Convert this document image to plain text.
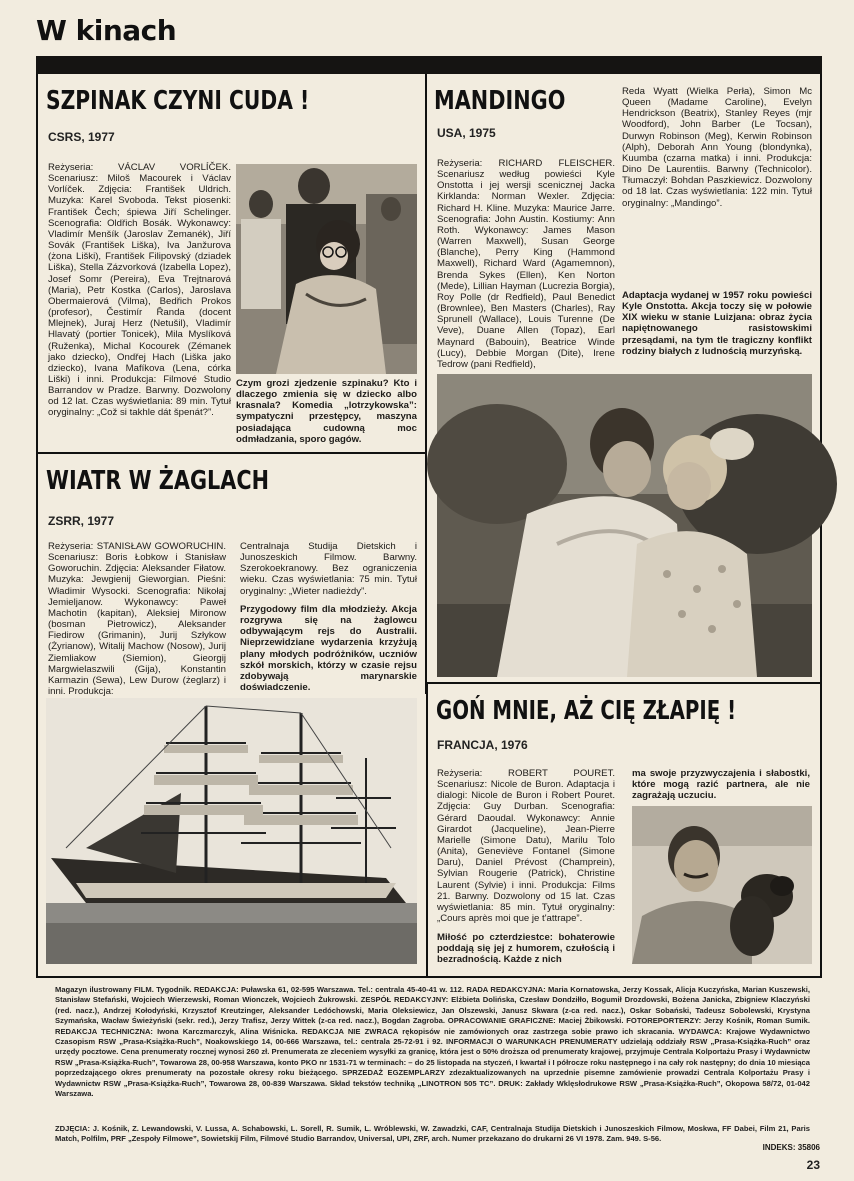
W kinach
SZPINAK CZYNI CUDA !
CSRS, 1977
Reżyseria: VÁCLAV VORLÍČEK. Scenariusz: Miloš Macourek i Václav Vorlíček. Zdjęcia: František Uldrich. Muzyka: Karel Svoboda. Tekst piosenki: František Čech; śpiewa Jiří Schelinger. Scenografia: Oldřich Bosák. Wykonawcy: Vladimír Menšík (Jaroslav Zemanék), Jiří Sovák (František Liška), Iva Janžurova (żona Liški), František Filipovský (dziadek Liška), Stella Zázvorková (Izabella Lopez), Josef Somr (Pereira), Eva Trejtnarová (Maria), Petr Kostka (Carlos), Jaroslava Obermaierová (Vilma), Bedřich Prokos (profesor), Čestimír Řanda (docent Mlejnek), Juraj Herz (Netušil), Vladimír Hlavatý (portier Tonicek), Milа Myslíková (Ruženka), Michal Kocourek (Zémanek jako dziecko), Ondřej Hach (Liška jako dziecko), Ivana Mafíkova (Lena, córka Liški) i inni. Produkcja: Filmové Studio Barrandov w Pradze. Barwny. Dozwolony od 12 lat. Czas wyświetlania: 89 min. Tytuł oryginalny: „Což si takhle dát špenát?”.
Czym grozi zjedzenie szpinaku? Kto i dlaczego zmienia się w dziecko albo krasnala? Komedia „lotrzykowska”: sympatyczni przestępcy, maszyna posiadająca cudowną moc odmładzania, sporo gagów.
WIATR W ŻAGLACH
ZSRR, 1977
Reżyseria: STANISŁAW GOWORUCHIN. Scenariusz: Boris Łobkow i Stanisław Goworuchin. Zdjęcia: Aleksander Fiłatow. Muzyka: Jewgienij Giewоrgian. Pieśni: Władimir Wysocki. Scenografia: Nikołaj Jemieljanow. Wykonawcy: Paweł Machotin (kapitan), Aleksiej Mironow (bosman Pietrowicz), Aleksander Fiedirow (Grimanin), Jurij Szłykow (Żyrianow), Witalij Machow (Nosow), Jurij Ziemliakow (Siemion), Gieorgij Margwielaszwili (Gija), Konstantin Karmazin (Sewa), Lew Durow (żeglarz) i inni. Produkcja:
Centralnaja Studija Dietskich i Junoszeskich Filmow. Barwny. Szerokoekranowy. Bez ograniczenia wieku. Czas wyświetlania: 75 min. Tytuł oryginalny: „Wieter nadieżdy”.
Przygodowy film dla młodzieży. Akcja rozgrywa się na żaglowcu odbywającym rejs do Australii. Nieprzewidziane wydarzenia krzyżują plany młodych podróżników, uczniów szkół morskich, którzy w czasie rejsu zdobywają marynarskie doświadczenie.
MANDINGO
USA, 1975
Reżyseria: RICHARD FLEISCHER. Scenariusz według powieści Kyle Onstotta i jej wersji scenicznej Jacka Kirklanda: Norman Wexler. Zdjęcia: Richard H. Kline. Muzyka: Maurice Jarre. Scenografia: John Austin. Kostiumy: Ann Roth. Wykonawcy: James Mason (Warren Maxwell), Susan George (Blanche), Perry King (Hammond Maxwell), Richard Ward (Agamemnon), Brenda Sykes (Ellen), Ken Norton (Mede), Lillian Hayman (Lucrezia Borgia), Roy Polle (dr Redfield), Paul Benedict (Brownlee), Ben Masters (Charles), Ray Sprunell (Wallace), Louis Turenne (De Veve), Duane Allen (Topaz), Earl Maynard (Babouin), Beatrice Winde (Lucy), Debbie Morgan (Dite), Irene Tedrow (pani Redfield),
Reda Wyatt (Wielka Perła), Simon Mc Queen (Madame Caroline), Evelyn Hendrickson (Beatrix), Stanley Reyes (mjr Woodford), John Barber (Le Tocsan), Durwyn Robinson (Meg), Kerwin Robinson (Alph), Deborah Ann Young (blondynka), Kuumba (czarna matka) i inni. Produkcja: Dino De Laurentiis. Barwny (Technicolor). Tłumaczył: Bohdan Paszkiewicz. Dozwolony od 18 lat. Czas wyświetlania: 122 min. Tytuł oryginalny: „Mandingo”.
Adaptacja wydanej w 1957 roku powieści Kyle Onstotta. Akcja toczy się w połowie XIX wieku w stanie Luizjana: obraz życia napiętnowanego rasistowskimi przesądami, na tym tle tragiczny konflikt rodziny białych z ludnością murzyńską.
GOŃ MNIE, AŻ CIĘ ZŁAPIĘ !
FRANCJA, 1976
Reżyseria: ROBERT POURET. Scenariusz: Nicole de Buron. Adaptacja i dialogi: Nicole de Buron i Robert Pouret. Zdjęcia: Guy Durban. Scenografia: Gérard Daoudal. Wykonawcy: Annie Girardot (Jacqueline), Jean-Pierre Marielle (Simone Datu), Marilu Tolo (Anita), Geneviève Fontanel (Simone Daru), Daniel Prévost (Champrein), Sylvian Rougerie (Patrick), Christine Laurent (Sylvie) i inni. Produkcja: Films 21. Barwny. Dozwolony od 15 lat. Czas wyświetlania: 85 min. Tytuł oryginalny: „Cours après moi que je t'attrape”.
Miłość po czterdziestce: bohaterowie poddają się jej z humorem, czułością i bezradnością. Każde z nich
ma swoje przyzwyczajenia i słabostki, które mogą razić partnera, ale nie zagrażają uczuciu.
Magazyn ilustrowany FILM. Tygodnik. REDAKCJA: Puławska 61, 02-595 Warszawa. Tel.: centrala 45-40-41 w. 112. RADA REDAKCYJNA: Maria Kornatowska, Jerzy Kossak, Alicja Kuczyńska, Marian Kuszewski, Stanisław Stefański, Wojciech Wierzewski, Roman Wionczek, Wojciech Żukrowski. ZESPÓŁ REDAKCYJNY: Elżbieta Dolińska, Czesław Dondziłło, Bogumił Drozdowski, Bożena Janicka, Zbigniew Klaczyński (red. nacz.), Andrzej Kołodyński, Krzysztof Kreutzinger, Aleksander Ledóchowski, Maria Oleksiewicz, Jan Olszewski, Janusz Skwara (z-ca red. nacz.), Oskar Sobański, Tadeusz Sobolewski, Krystyna Szymańska, Wacław Świeżyński (sekr. red.), Jerzy Trafisz, Jerzy Wittek (z-ca red. nacz.), Bogdan Zagroba. OPRACOWANIE GRAFICZNE: Maciej Żbikowski. FOTOREPORTERZY: Jerzy Kośnik, Roman Sumik. REDAKCJA TECHNICZNA: Iwona Karczmarczyk, Alina Wiśnicka. REDAKCJA NIE ZWRACA rękopisów nie zamówionych oraz zastrzega sobie prawo ich skracania. WYDAWCA: Krajowe Wydawnictwo Czasopism RSW „Prasa-Książka-Ruch”, Noakowskiego 14, 00-666 Warszawa, tel.: centrala 25-72-91 i 92. INFORMACJI O WARUNKACH PRENUMERATY udzielają oddziały RSW „Prasa-Książka-Ruch” oraz urzędy pocztowe. Cena prenumeraty rocznej wynosi 260 zł. Prenumerata ze zleceniem wysyłki za granicę, która jest o 50% droższa od prenumeraty krajowej, przyjmuje Centrala Kolportażu Prasy i Wydawnictw RSW „Prasa-Książka-Ruch”, Towarowa 28, 00-958 Warszawa, konto PKO nr 1531-71 w terminach: – do 25 listopada na styczeń, I kwartał i I półrocze roku następnego i na cały rok następny; do dnia 10 miesiąca poprzedzającego okres prenumeraty na pozostałe okresy roku bieżącego. SPRZEDAŻ EGZEMPLARZY zdezaktualizowanych na uprzednie pisemne zamówienie prowadzi Centrala Kolportażu Prasy i Wydawnictw RSW „Prasa-Książka-Ruch”, Towarowa 28, 00-839 Warszawa. Skład tekstów techniką „LINOTRON 505 TC”. DRUK: Zakłady Wklęsłodrukowe RSW „Prasa-Książka-Ruch”, Okopowa 58/72, 01-042 Warszawa.
ZDJĘCIA: J. Kośnik, Z. Lewandowski, V. Lussa, A. Schabowski, L. Sorell, R. Sumik, L. Wróblewski, W. Zawadzki, CAF, Centralnaja Studija Dietskich i Junoszeskich Filmow, Moskwa, FF Dabei, Film 21, Paris Match, Polfilm, PRF „Zespoły Filmowe”, Sowietskij Film, Filmové Studio Barrandov, Universal, UPI, ZRF, arch. Numer przekazano do drukarni 26 VI 1978. Zam. 949. S-56.
INDEKS: 35806
23
